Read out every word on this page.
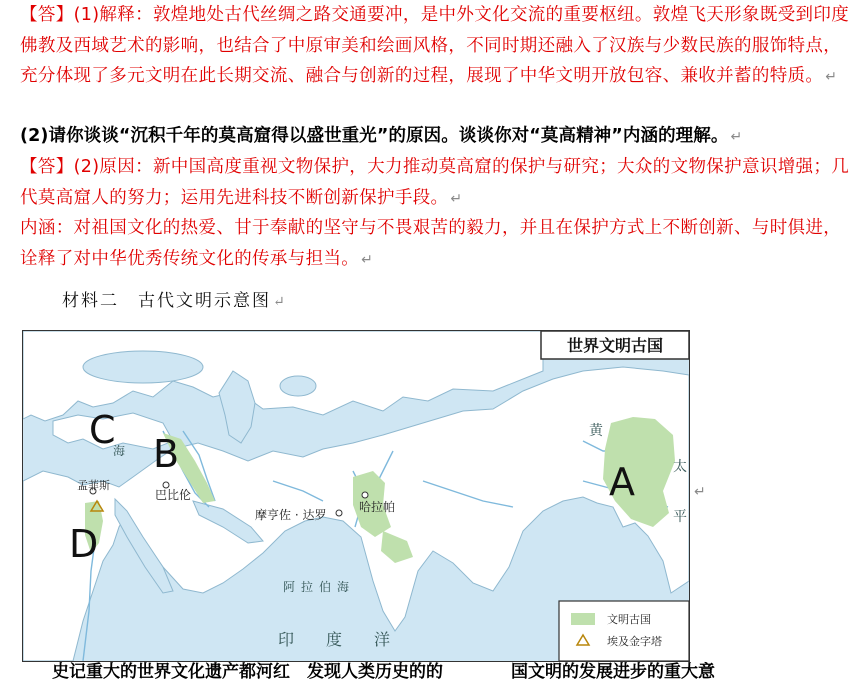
【答】(1)解释：敦煌地处古代丝绸之路交通要冲，是中外文化交流的重要枢纽。敦煌飞天形象既受到印度佛教及西域艺术的影响，也结合了中原审美和绘画风格，不同时期还融入了汉族与少数民族的服饰特点，充分体现了多元文明在此长期交流、融合与创新的过程，展现了中华文明开放包容、兼收并蓄的特质。 ↵
(2)请你谈谈“沉积千年的莫高窟得以盛世重光”的原因。谈谈你对“莫高精神”内涵的理解。 ↵
【答】(2)原因：新中国高度重视文物保护，大力推动莫高窟的保护与研究；大众的文物保护意识增强；几代莫高窟人的努力；运用先进科技不断创新保护手段。 ↵
内涵：对祖国文化的热爱、甘于奉献的坚守与不畏艰苦的毅力，并且在保护方式上不断创新、与时俱进，诠释了对中华优秀传统文化的传承与担当。 ↵
材料二　古代文明示意图 ↵
C
B
A
D
巴比伦
摩亨佐 · 达罗
哈拉帕
孟菲斯
阿拉伯海
印　　度　　洋
黄
太
平
海
世界文明古国
文明古国
埃及金字塔
↵
　　史记重大的世界文化遗产都河红　发现人类历史的的　　　　国文明的发展进步的重大意
